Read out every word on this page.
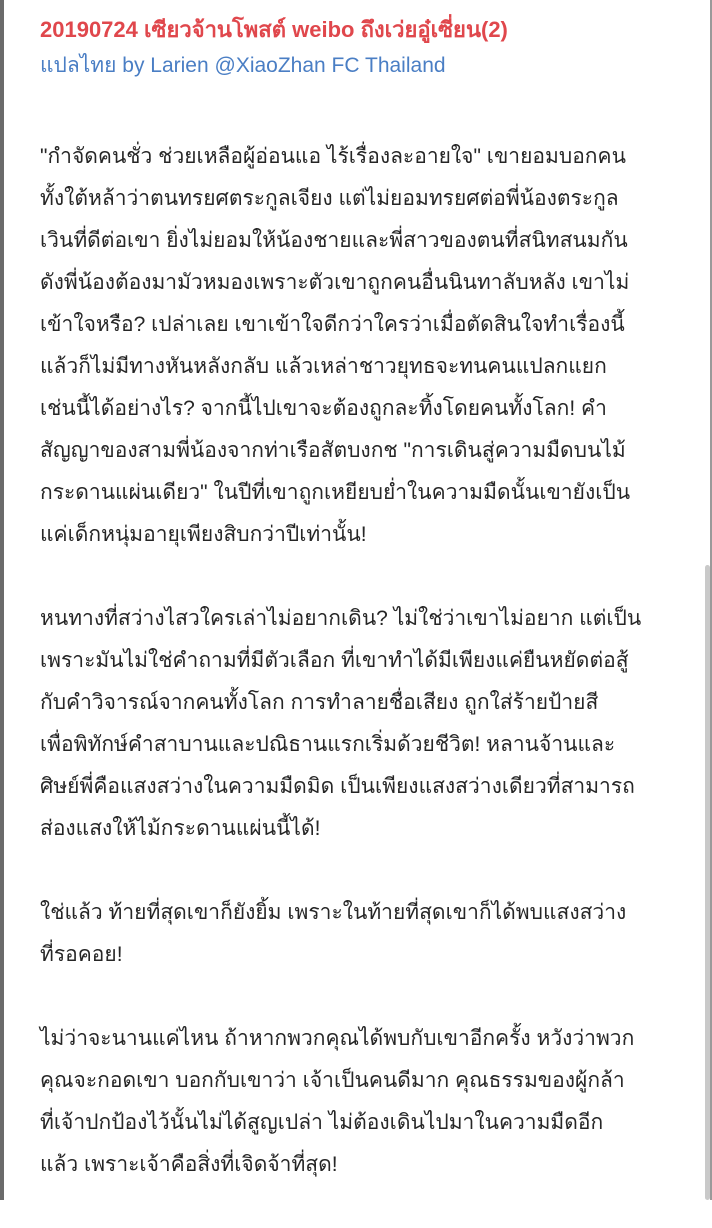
20190724 เซียวจ้านโพสต์ weibo ถึงเว่ยอู๋เซี่ยน(2)

แปลไทย by Larien @XiaoZhan FC Thailand

"กำจัดคนชั่ว ช่วยเหลือผู้อ่อนแอ ไร้เรื่องละอายใจ" เขายอมบอกคน
ทั้งใต้หล้าว่าตนทรยศตระกูลเจียง แต่ไม่ยอมทรยศต่อพี่น้องตระกูล
เวินที่ดีต่อเขา ยิ่งไม่ยอมให้น้องชายและพี่สาวของตนที่สนิทสนมกัน
ดังพี่น้องต้องมามัวหมองเพราะตัวเขาถูกคนอื่นนินทาลับหลัง เขาไม่
เข้าใจหรือ? เปล่าเลย เขาเข้าใจดีกว่าใครว่าเมื่อตัดสินใจทำเรื่องนี้
แล้วก็ไม่มีทางหันหลังกลับ แล้วเหล่าชาวยุทธจะทนคนแปลกแยก
เช่นนี้ได้อย่างไร? จากนี้ไปเขาจะต้องถูกละทิ้งโดยคนทั้งโลก! คำ
สัญญาของสามพี่น้องจากท่าเรือสัตบงกช "การเดินสู่ความมืดบนไม้
กระดานแผ่นเดียว" ในปีที่เขาถูกเหยียบย่ำในความมืดนั้นเขายังเป็น
แค่เด็กหนุ่มอายุเพียงสิบกว่าปีเท่านั้น!

หนทางที่สว่างไสวใครเล่าไม่อยากเดิน? ไม่ใช่ว่าเขาไม่อยาก แต่เป็น
เพราะมันไม่ใช่คำถามที่มีตัวเลือก ที่เขาทำได้มีเพียงแค่ยืนหยัดต่อสู้
กับคำวิจารณ์จากคนทั้งโลก การทำลายชื่อเสียง ถูกใส่ร้ายป้ายสี
เพื่อพิทักษ์คำสาบานและปณิธานแรกเริ่มด้วยชีวิต! หลานจ้านและ
ศิษย์พี่คือแสงสว่างในความมืดมิด เป็นเพียงแสงสว่างเดียวที่สามารถ
ส่องแสงให้ไม้กระดานแผ่นนี้ได้!

ใช่แล้ว ท้ายที่สุดเขาก็ยังยิ้ม เพราะในท้ายที่สุดเขาก็ได้พบแสงสว่าง
ที่รอคอย!

ไม่ว่าจะนานแค่ไหน ถ้าหากพวกคุณได้พบกับเขาอีกครั้ง หวังว่าพวก
คุณจะกอดเขา บอกกับเขาว่า เจ้าเป็นคนดีมาก คุณธรรมของผู้กล้า
ที่เจ้าปกป้องไว้นั้นไม่ได้สูญเปล่า ไม่ต้องเดินไปมาในความมืดอีก
แล้ว เพราะเจ้าคือสิ่งที่เจิดจ้าที่สุด!
